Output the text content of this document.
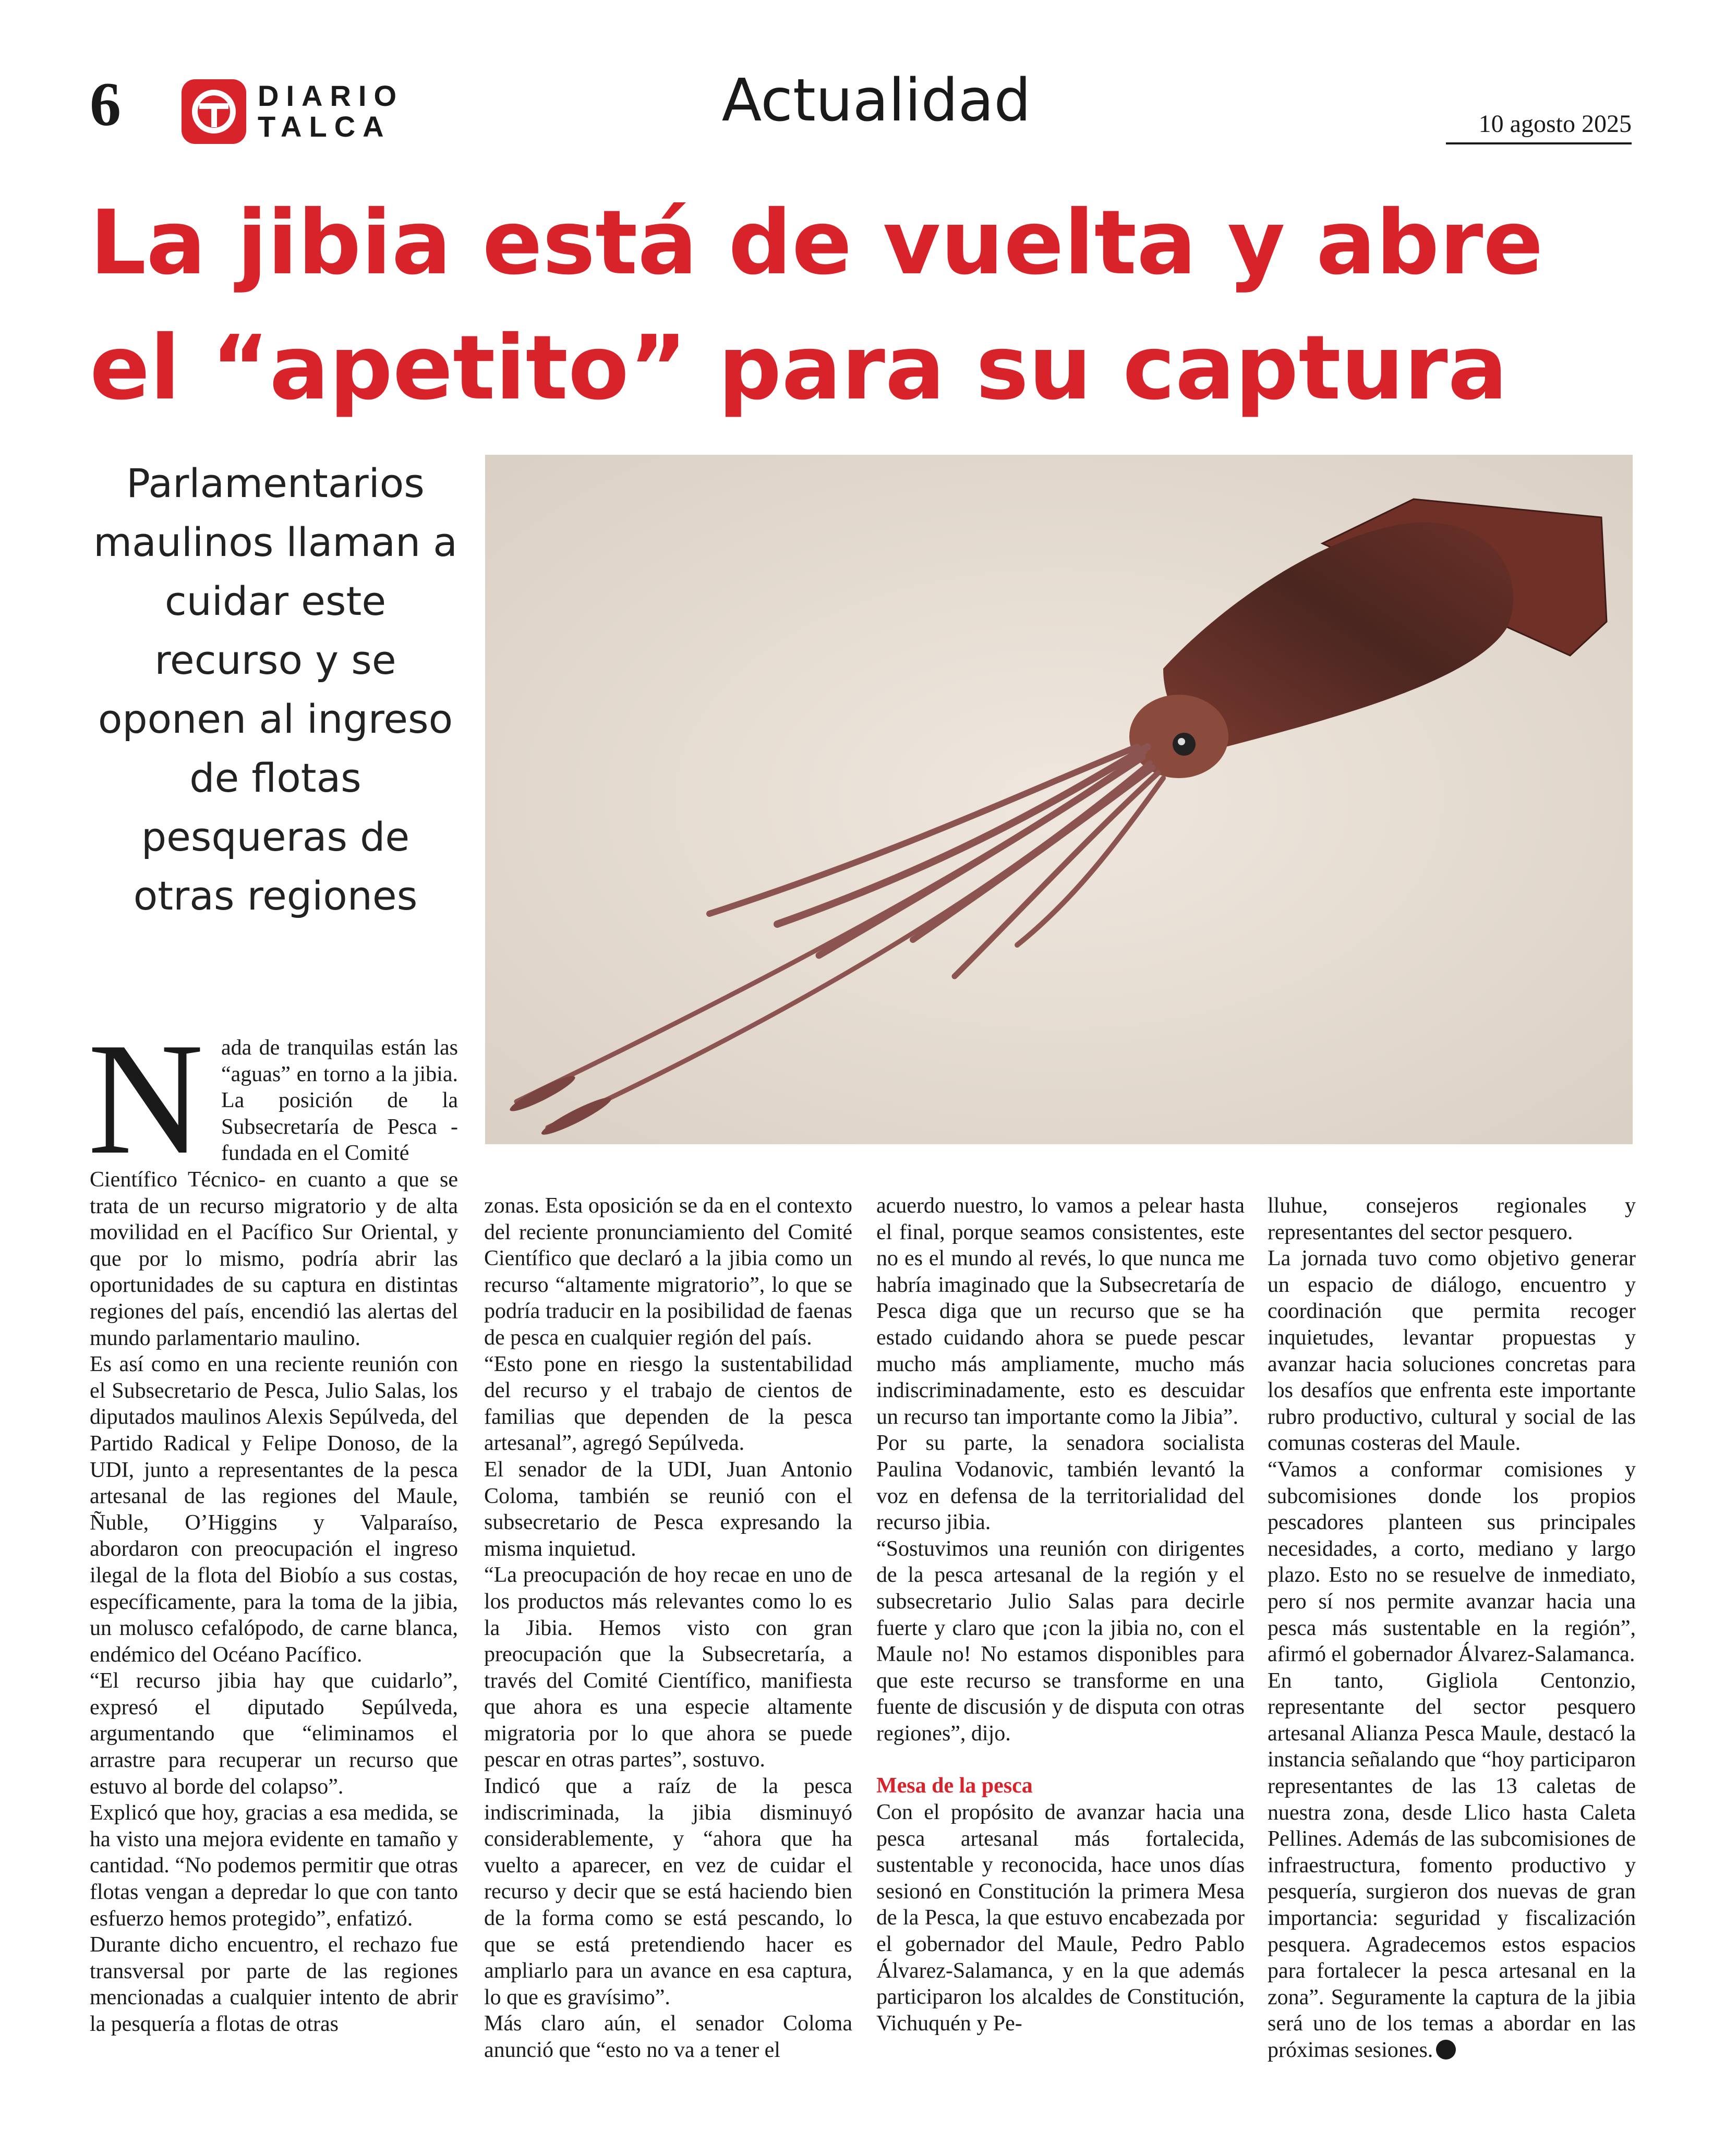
6	DIARIO
TALCA	Actualidad	10 agosto 2025
La jibia está de vuelta y abre el “apetito” para su captura
Parlamentarios maulinos llaman a cuidar este recurso y se oponen al ingreso de flotas pesqueras de otras regiones
N ada de tranquilas están las “aguas” en torno a la jibia. La posición de la Subsecretaría de Pesca -fundada en el Comité

Científico Técnico- en cuanto a que se trata de un recurso migratorio y de alta movilidad en el Pacífico Sur Oriental, y que por lo mismo, podría abrir las oportunidades de su captura en distintas regiones del país, encendió las alertas del mundo parlamentario maulino.

Es así como en una reciente reunión con el Subsecretario de Pesca, Julio Salas, los diputados maulinos Alexis Sepúlveda, del Partido Radical y Felipe Donoso, de la UDI, junto a representantes de la pesca artesanal de las regiones del Maule, Ñuble, O’Higgins y Valparaíso, abordaron con preocupación el ingreso ilegal de la flota del Biobío a sus costas, específicamente, para la toma de la jibia, un molusco cefalópodo, de carne blanca, endémico del Océano Pacífico.

“El recurso jibia hay que cuidarlo”, expresó el diputado Sepúlveda, argumentando que “eliminamos el arrastre para recuperar un recurso que estuvo al borde del colapso”.

Explicó que hoy, gracias a esa medida, se ha visto una mejora evidente en tamaño y cantidad. “No podemos permitir que otras flotas vengan a depredar lo que con tanto esfuerzo hemos protegido”, enfatizó.

Durante dicho encuentro, el rechazo fue transversal por parte de las regiones mencionadas a cualquier intento de abrir la pesquería a flotas de otras

zonas. Esta oposición se da en el contexto del reciente pronunciamiento del Comité Científico que declaró a la jibia como un recurso “altamente migratorio”, lo que se podría traducir en la posibilidad de faenas de pesca en cualquier región del país.

“Esto pone en riesgo la sustentabilidad del recurso y el trabajo de cientos de familias que dependen de la pesca artesanal”, agregó Sepúlveda.

El senador de la UDI, Juan Antonio Coloma, también se reunió con el subsecretario de Pesca expresando la misma inquietud.

“La preocupación de hoy recae en uno de los productos más relevantes como lo es la Jibia. Hemos visto con gran preocupación que la Subsecretaría, a través del Comité Científico, manifiesta que ahora es una especie altamente migratoria por lo que ahora se puede pescar en otras partes”, sostuvo.

Indicó que a raíz de la pesca indiscriminada, la jibia disminuyó considerablemente, y “ahora que ha vuelto a aparecer, en vez de cuidar el recurso y decir que se está haciendo bien de la forma como se está pescando, lo que se está pretendiendo hacer es ampliarlo para un avance en esa captura, lo que es gravísimo”.

Más claro aún, el senador Coloma anunció que “esto no va a tener el

acuerdo nuestro, lo vamos a pelear hasta el final, porque seamos consistentes, este no es el mundo al revés, lo que nunca me habría imaginado que la Subsecretaría de Pesca diga que un recurso que se ha estado cuidando ahora se puede pescar mucho más ampliamente, mucho más indiscriminadamente, esto es descuidar un recurso tan importante como la Jibia”.

Por su parte, la senadora socialista Paulina Vodanovic, también levantó la voz en defensa de la territorialidad del recurso jibia.

“Sostuvimos una reunión con dirigentes de la pesca artesanal de la región y el subsecretario Julio Salas para decirle fuerte y claro que ¡con la jibia no, con el Maule no! No estamos disponibles para que este recurso se transforme en una fuente de discusión y de disputa con otras regiones”, dijo.

Mesa de la pesca

Con el propósito de avanzar hacia una pesca artesanal más fortalecida, sustentable y reconocida, hace unos días sesionó en Constitución la primera Mesa de la Pesca, la que estuvo encabezada por el gobernador del Maule, Pedro Pablo Álvarez-Salamanca, y en la que además participaron los alcaldes de Constitución, Vichuquén y Pe-

lluhue, consejeros regionales y representantes del sector pesquero.

La jornada tuvo como objetivo generar un espacio de diálogo, encuentro y coordinación que permita recoger inquietudes, levantar propuestas y avanzar hacia soluciones concretas para los desafíos que enfrenta este importante rubro productivo, cultural y social de las comunas costeras del Maule.

“Vamos a conformar comisiones y subcomisiones donde los propios pescadores planteen sus principales necesidades, a corto, mediano y largo plazo. Esto no se resuelve de inmediato, pero sí nos permite avanzar hacia una pesca más sustentable en la región”, afirmó el gobernador Álvarez-Salamanca.

En tanto, Gigliola Centonzio, representante del sector pesquero artesanal Alianza Pesca Maule, destacó la instancia señalando que “hoy participaron representantes de las 13 caletas de nuestra zona, desde Llico hasta Caleta Pellines. Además de las subcomisiones de infraestructura, fomento productivo y pesquería, surgieron dos nuevas de gran importancia: seguridad y fiscalización pesquera. Agradecemos estos espacios para fortalecer la pesca artesanal en la zona”. Seguramente la captura de la jibia será uno de los temas a abordar en las próximas sesiones.
